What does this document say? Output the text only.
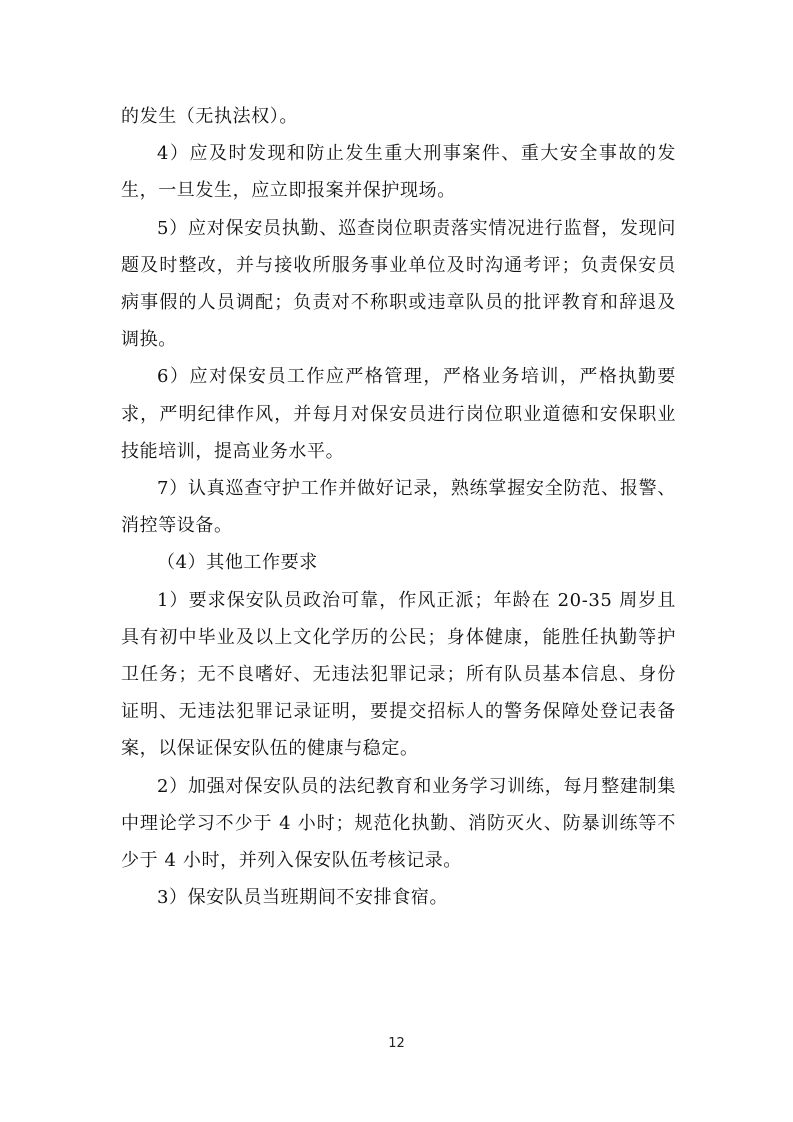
的发生（无执法权）。

4）应及时发现和防止发生重大刑事案件、重大安全事故的发生，一旦发生，应立即报案并保护现场。

5）应对保安员执勤、巡查岗位职责落实情况进行监督，发现问题及时整改，并与接收所服务事业单位及时沟通考评；负责保安员病事假的人员调配；负责对不称职或违章队员的批评教育和辞退及调换。

6）应对保安员工作应严格管理，严格业务培训，严格执勤要求，严明纪律作风，并每月对保安员进行岗位职业道德和安保职业技能培训，提高业务水平。

7）认真巡查守护工作并做好记录，熟练掌握安全防范、报警、消控等设备。

（4）其他工作要求

1）要求保安队员政治可靠，作风正派；年龄在 20-35 周岁且具有初中毕业及以上文化学历的公民；身体健康，能胜任执勤等护卫任务；无不良嗜好、无违法犯罪记录；所有队员基本信息、身份证明、无违法犯罪记录证明，要提交招标人的警务保障处登记表备案，以保证保安队伍的健康与稳定。

2）加强对保安队员的法纪教育和业务学习训练，每月整建制集中理论学习不少于 4 小时；规范化执勤、消防灭火、防暴训练等不少于 4 小时，并列入保安队伍考核记录。

3）保安队员当班期间不安排食宿。

12
